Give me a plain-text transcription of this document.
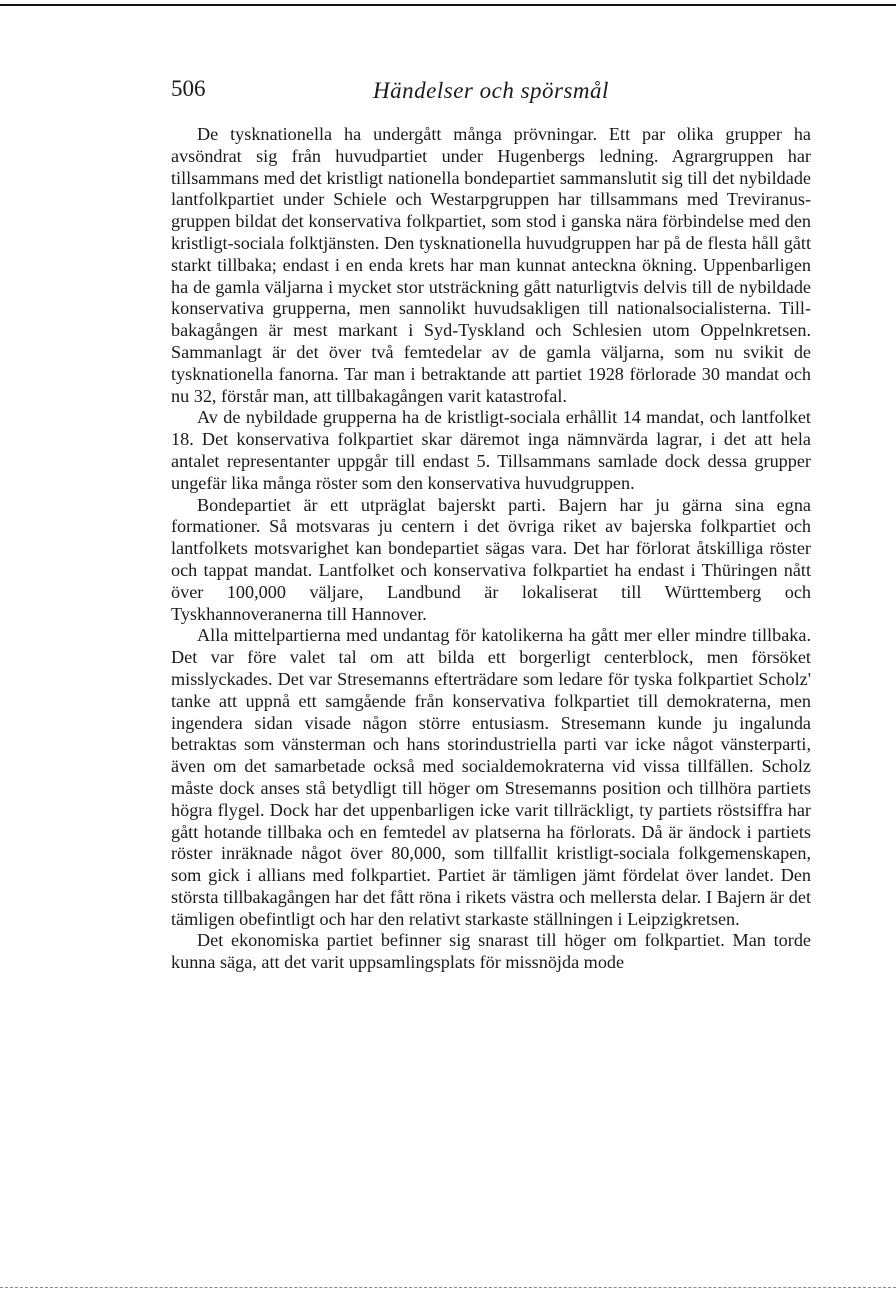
506	Händelser och spörsmål

De tysknationella ha undergått många prövningar. Ett par olika grupper ha avsöndrat sig från huvudpartiet under Hugenbergs ledning. Agrargruppen har tillsammans med det kristligt nationella bondepartiet sammanslutit sig till det nybildade lantfolkpartiet under Schiele och Westarpgruppen har tillsammans med Treviranus-gruppen bildat det konservativa folkpartiet, som stod i ganska nära förbindelse med den kristligt-sociala folktjänsten. Den tysknationella huvudgruppen har på de flesta håll gått starkt tillbaka; endast i en enda krets har man kunnat anteckna ökning. Uppenbarligen ha de gamla väljarna i mycket stor utsträckning gått naturligtvis delvis till de nybildade konservativa grupperna, men sannolikt huvudsakligen till nationalsocialisterna. Tillbakagången är mest markant i Syd-Tyskland och Schlesien utom Oppelnkretsen. Sammanlagt är det över två femtedelar av de gamla väljarna, som nu svikit de tysknationella fanorna. Tar man i betraktande att partiet 1928 förlorade 30 mandat och nu 32, förstår man, att tillbakagången varit katastrofal.

Av de nybildade grupperna ha de kristligt-sociala erhållit 14 mandat, och lantfolket 18. Det konservativa folkpartiet skar däremot inga nämnvärda lagrar, i det att hela antalet representanter uppgår till endast 5. Tillsammans samlade dock dessa grupper ungefär lika många röster som den konservativa huvudgruppen.

Bondepartiet är ett utpräglat bajerskt parti. Bajern har ju gärna sina egna formationer. Så motsvaras ju centern i det övriga riket av bajerska folkpartiet och lantfolkets motsvarighet kan bondepartiet sägas vara. Det har förlorat åtskilliga röster och tappat mandat. Lantfolket och konservativa folkpartiet ha endast i Thüringen nått över 100,000 väljare, Landbund är lokaliserat till Württemberg och Tyskhannoveranerna till Hannover.

Alla mittelpartierna med undantag för katolikerna ha gått mer eller mindre tillbaka. Det var före valet tal om att bilda ett borgerligt centerblock, men försöket misslyckades. Det var Stresemanns efterträdare som ledare för tyska folkpartiet Scholz' tanke att uppnå ett samgående från konservativa folkpartiet till demokraterna, men ingendera sidan visade någon större entusiasm. Stresemann kunde ju ingalunda betraktas som vänsterman och hans storindustriella parti var icke något vänsterparti, även om det samarbetade också med socialdemokraterna vid vissa tillfällen. Scholz måste dock anses stå betydligt till höger om Stresemanns position och tillhöra partiets högra flygel. Dock har det uppenbarligen icke varit tillräckligt, ty partiets röstsiffra har gått hotande tillbaka och en femtedel av platserna ha förlorats. Då är ändock i partiets röster inräknade något över 80,000, som tillfallit kristligt-sociala folkgemenskapen, som gick i allians med folkpartiet. Partiet är tämligen jämt fördelat över landet. Den största tillbakagången har det fått röna i rikets västra och mellersta delar. I Bajern är det tämligen obefintligt och har den relativt starkaste ställningen i Leipzigkretsen.

Det ekonomiska partiet befinner sig snarast till höger om folkpartiet. Man torde kunna säga, att det varit uppsamlingsplats för missnöjda mode
